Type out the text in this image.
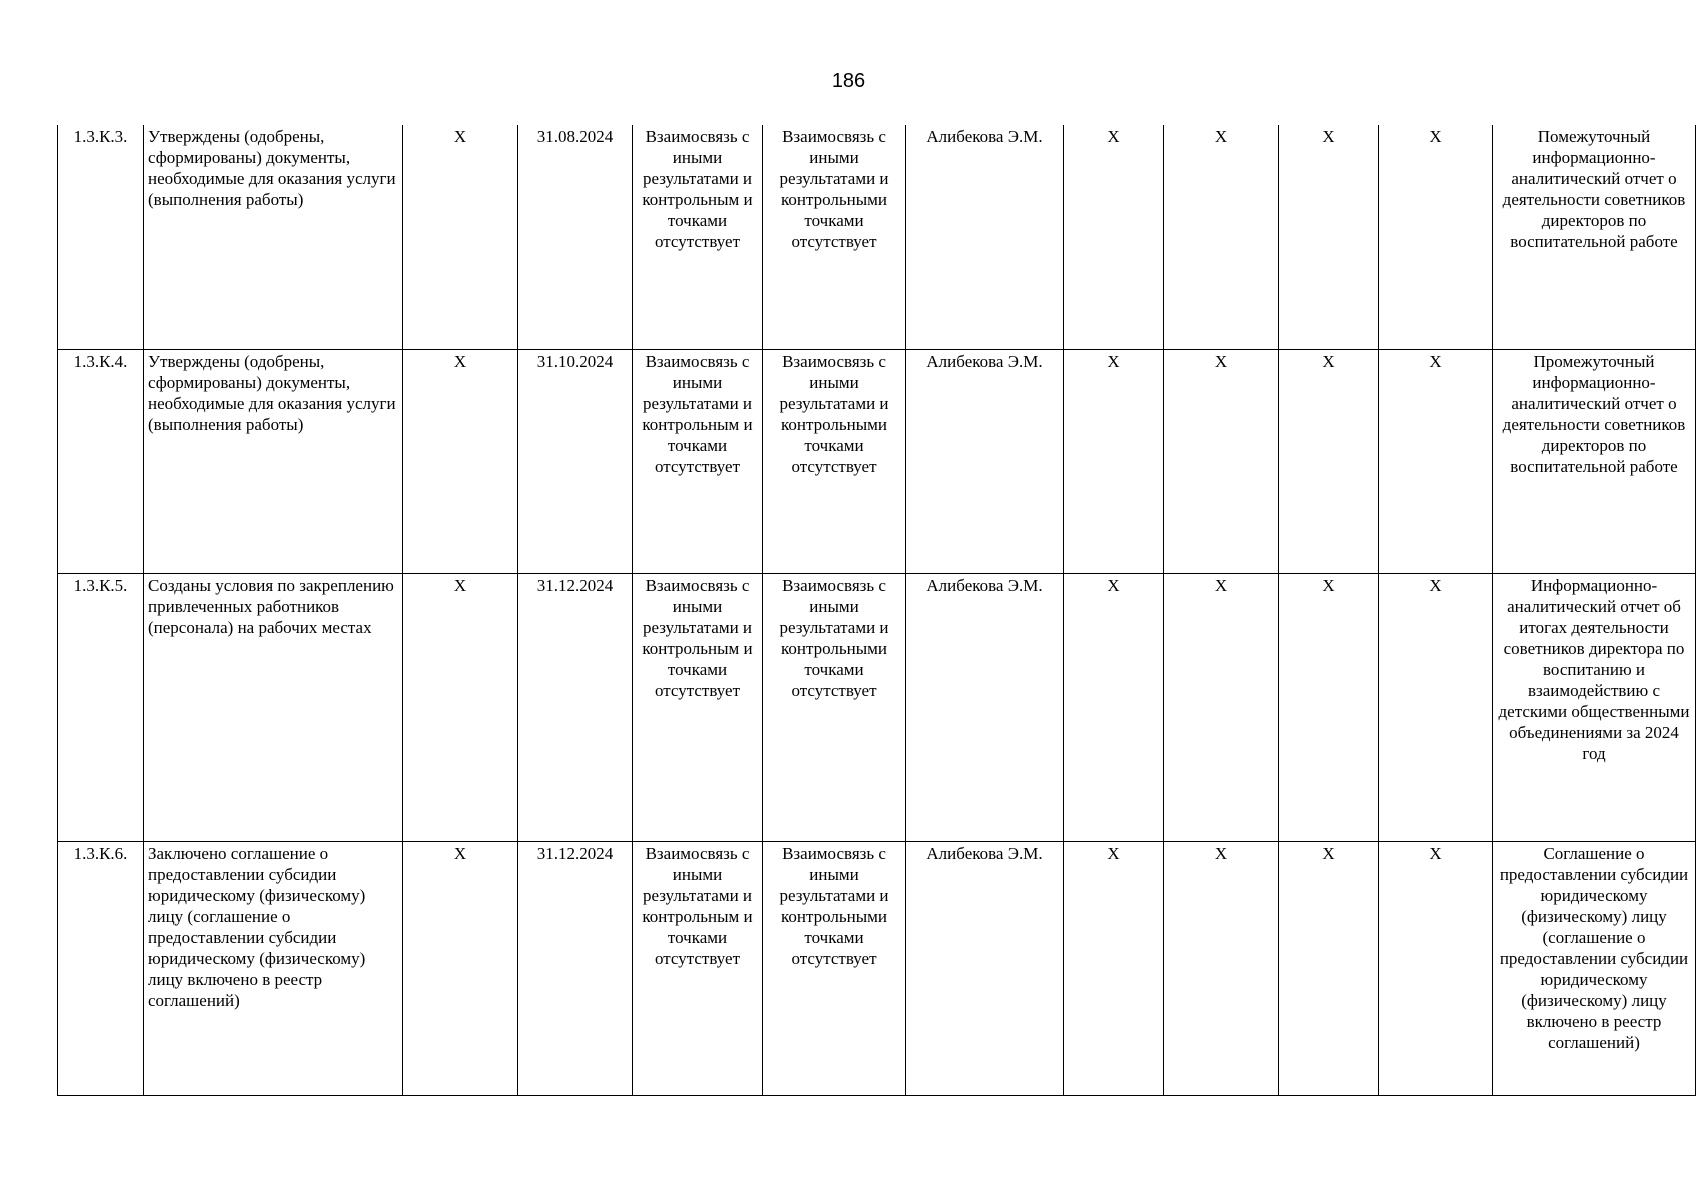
186
1.3.К.3.	Утверждены (одобрены, сформированы) документы, необходимые для оказания услуги (выполнения работы)	X	31.08.2024	Взаимосвязь с иными результатами и контрольным и точками отсутствует	Взаимосвязь с иными результатами и контрольными точками отсутствует	Алибекова Э.М.	X	X	X	X	Помежуточный информационно-аналитический отчет о деятельности советников директоров по воспитательной работе
1.3.К.4.	Утверждены (одобрены, сформированы) документы, необходимые для оказания услуги (выполнения работы)	X	31.10.2024	Взаимосвязь с иными результатами и контрольным и точками отсутствует	Взаимосвязь с иными результатами и контрольными точками отсутствует	Алибекова Э.М.	X	X	X	X	Промежуточный информационно-аналитический отчет о деятельности советников директоров по воспитательной работе
1.3.К.5.	Созданы условия по закреплению привлеченных работников (персонала) на рабочих местах	X	31.12.2024	Взаимосвязь с иными результатами и контрольным и точками отсутствует	Взаимосвязь с иными результатами и контрольными точками отсутствует	Алибекова Э.М.	X	X	X	X	Информационно-аналитический отчет об итогах деятельности советников директора по воспитанию и взаимодействию с детскими общественными объединениями за 2024 год
1.3.К.6.	Заключено соглашение о предоставлении субсидии юридическому (физическому) лицу (соглашение о предоставлении субсидии юридическому (физическому) лицу включено в реестр соглашений)	X	31.12.2024	Взаимосвязь с иными результатами и контрольным и точками отсутствует	Взаимосвязь с иными результатами и контрольными точками отсутствует	Алибекова Э.М.	X	X	X	X	Соглашение о предоставлении субсидии юридическому (физическому) лицу (соглашение о предоставлении субсидии юридическому (физическому) лицу включено в реестр соглашений)
